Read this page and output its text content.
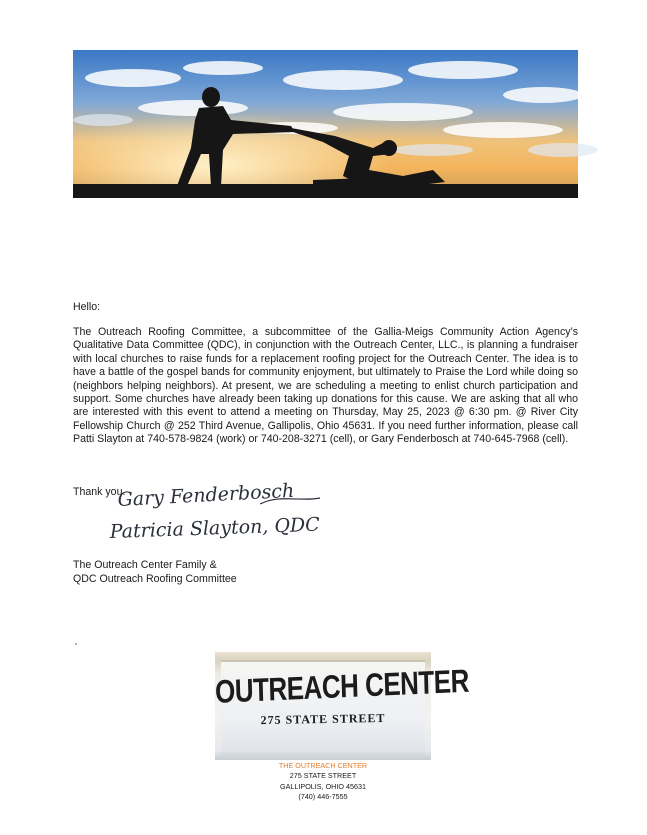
Hello:
The Outreach Roofing Committee, a subcommittee of the Gallia-Meigs Community Action Agency’s Qualitative Data Committee (QDC), in conjunction with the Outreach Center, LLC., is planning a fundraiser with local churches to raise funds for a replacement roofing project for the Outreach Center. The idea is to have a battle of the gospel bands for community enjoyment, but ultimately to Praise the Lord while doing so (neighbors helping neighbors). At present, we are scheduling a meeting to enlist church participation and support. Some churches have already been taking up donations for this cause. We are asking that all who are interested with this event to attend a meeting on Thursday, May 25, 2023 @ 6:30 pm. @ River City Fellowship Church @ 252 Third Avenue, Gallipolis, Ohio 45631. If you need further information, please call Patti Slayton at 740-578-9824 (work) or 740-208-3271 (cell), or Gary Fenderbosch at 740-645-7968 (cell).
Thank you.
Gary Fenderbosch
Patricia Slayton, QDC
The Outreach Center Family &
QDC Outreach Roofing Committee
OUTREACH CENTER
275 STATE STREET
THE OUTREACH CENTER
275 STATE STREET
GALLIPOLIS, OHIO 45631
(740) 446-7555
